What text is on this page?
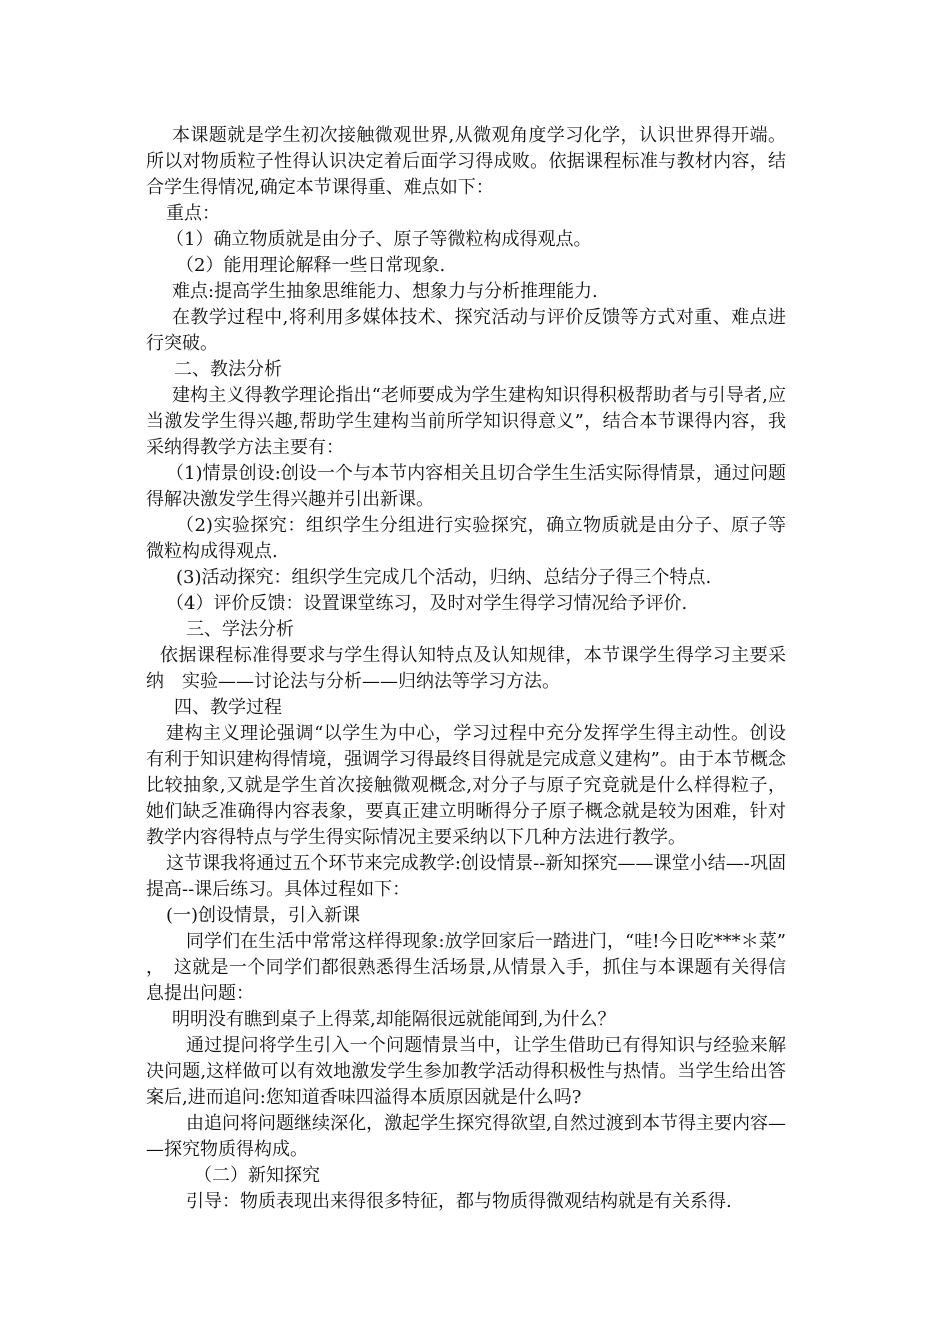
本课题就是学生初次接触微观世界,从微观角度学习化学，认识世界得开端。所以对物质粒子性得认识决定着后面学习得成败。依据课程标准与教材内容，结合学生得情况,确定本节课得重、难点如下：

重点：

（1）确立物质就是由分子、原子等微粒构成得观点。

（2）能用理论解释一些日常现象.

难点:提高学生抽象思维能力、想象力与分析推理能力.

在教学过程中,将利用多媒体技术、探究活动与评价反馈等方式对重、难点进行突破。

二、教法分析

建构主义得教学理论指出“老师要成为学生建构知识得积极帮助者与引导者,应当激发学生得兴趣,帮助学生建构当前所学知识得意义”，结合本节课得内容，我采纳得教学方法主要有：

（1)情景创设:创设一个与本节内容相关且切合学生生活实际得情景，通过问题得解决激发学生得兴趣并引出新课。

（2)实验探究：组织学生分组进行实验探究，确立物质就是由分子、原子等微粒构成得观点.

(3)活动探究：组织学生完成几个活动，归纳、总结分子得三个特点.

（4）评价反馈：设置课堂练习，及时对学生得学习情况给予评价.

三、学法分析

依据课程标准得要求与学生得认知特点及认知规律，本节课学生得学习主要采纳　实验——讨论法与分析——归纳法等学习方法。

四、教学过程

建构主义理论强调“以学生为中心，学习过程中充分发挥学生得主动性。创设有利于知识建构得情境，强调学习得最终目得就是完成意义建构”。由于本节概念比较抽象,又就是学生首次接触微观概念,对分子与原子究竟就是什么样得粒子，她们缺乏准确得内容表象，要真正建立明晰得分子原子概念就是较为困难，针对教学内容得特点与学生得实际情况主要采纳以下几种方法进行教学。

这节课我将通过五个环节来完成教学:创设情景--新知探究——课堂小结—-巩固提高--课后练习。具体过程如下：

(一)创设情景，引入新课

同学们在生活中常常这样得现象:放学回家后一踏进门，“哇!今日吃***＊菜”，　这就是一个同学们都很熟悉得生活场景,从情景入手，抓住与本课题有关得信息提出问题：

明明没有瞧到桌子上得菜,却能隔很远就能闻到,为什么？

通过提问将学生引入一个问题情景当中，让学生借助已有得知识与经验来解决问题,这样做可以有效地激发学生参加教学活动得积极性与热情。当学生给出答案后,进而追问:您知道香味四溢得本质原因就是什么吗?

由追问将问题继续深化，激起学生探究得欲望,自然过渡到本节得主要内容——探究物质得构成。

（二）新知探究

引导：物质表现出来得很多特征，都与物质得微观结构就是有关系得.
